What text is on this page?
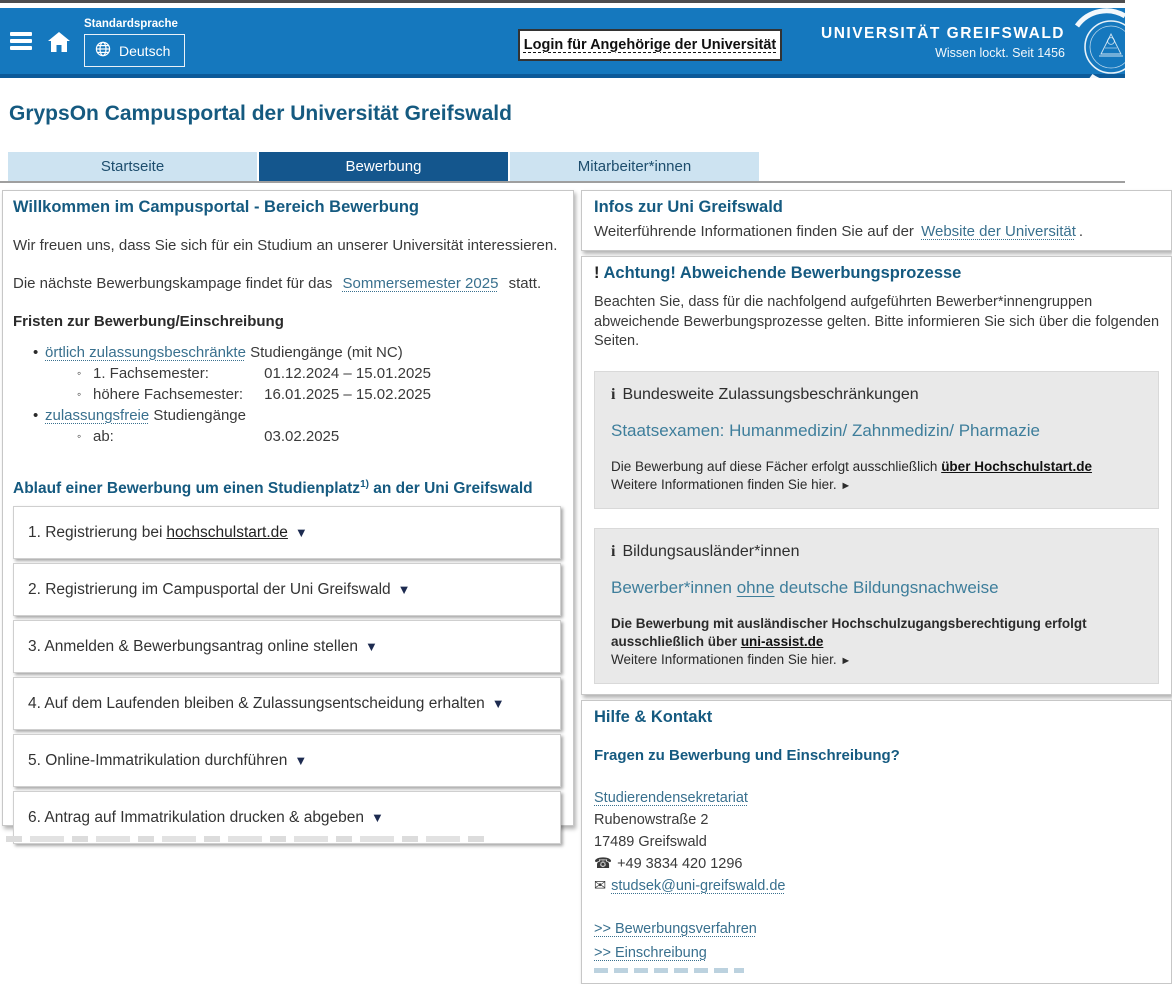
Standardsprache
Deutsch	Login für Angehörige der Universität
UNIVERSITÄT GREIFSWALD
Wissen lockt. Seit 1456
GrypsOn Campusportal der Universität Greifswald
Startseite	Bewerbung	Mitarbeiter*innen
Willkommen im Campusportal - Bereich Bewerbung

Wir freuen uns, dass Sie sich für ein Studium an unserer Universität interessieren.

Die nächste Bewerbungskampage findet für das Sommersemester 2025 statt.

Fristen zur Bewerbung/Einschreibung
• örtlich zulassungsbeschränkte Studiengänge (mit NC)
◦ 1. Fachsemester:	01.12.2024 – 15.01.2025
◦ höhere Fachsemester: 16.01.2025 – 15.02.2025
• zulassungsfreie Studiengänge
◦ ab:	03.02.2025
Ablauf einer Bewerbung um einen Studienplatz$^{1)}$ an der Uni Greifswald
1. Registrierung bei hochschulstart.de ▼
2. Registrierung im Campusportal der Uni Greifswald ▼
3. Anmelden & Bewerbungsantrag online stellen ▼
4. Auf dem Laufenden bleiben & Zulassungsentscheidung erhalten ▼
5. Online-Immatrikulation durchführen ▼
6. Antrag auf Immatrikulation drucken & abgeben ▼
Infos zur Uni Greifswald

Weiterführende Informationen finden Sie auf der Website der Universität .

! Achtung! Abweichende Bewerbungsprozesse
Beachten Sie, dass für die nachfolgend aufgeführten Bewerber*innengruppen
abweichende Bewerbungsprozesse gelten. Bitte informieren Sie sich über die folgenden
Seiten.
i Bundesweite Zulassungsbeschränkungen
Staatsexamen: Humanmedizin/ Zahnmedizin/ Pharmazie
Die Bewerbung auf diese Fächer erfolgt ausschließlich über Hochschulstart.de
Weitere Informationen finden Sie hier. ►
i Bildungsausländer*innen
Bewerber*innen ohne deutsche Bildungsnachweise
Die Bewerbung mit ausländischer Hochschulzugangsberechtigung erfolgt ausschließlich über uni-assist.de
Weitere Informationen finden Sie hier. ►
Hilfe & Kontakt
Fragen zu Bewerbung und Einschreibung?
Studierendensekretariat
Rubenowstraße 2
17489 Greifswald
☎ +49 3834 420 1296
✉ studsek@uni-greifswald.de
>> Bewerbungsverfahren
>> Einschreibung
